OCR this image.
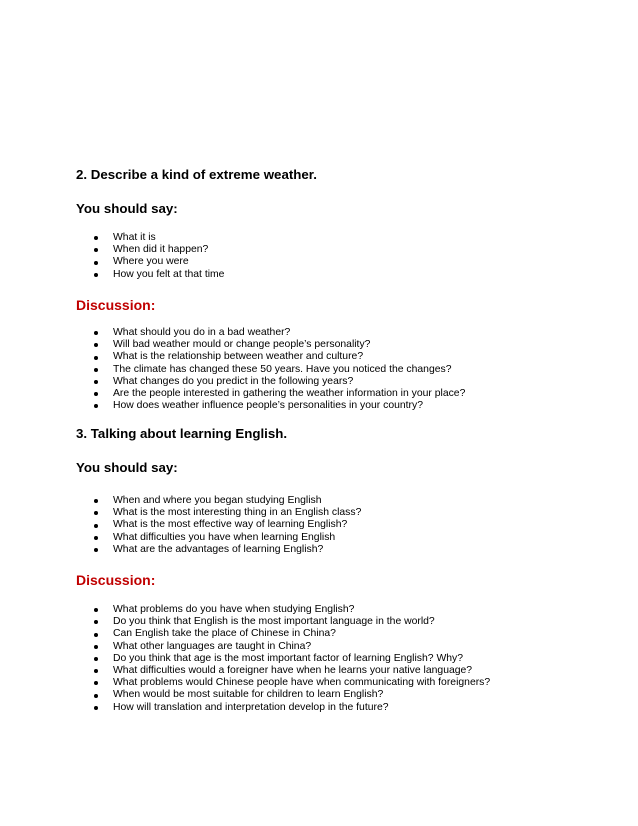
2. Describe a kind of extreme weather.
You should say:
What it is
When did it happen?
Where you were
How you felt at that time
Discussion:
What should you do in a bad weather?
Will bad weather mould or change people’s personality?
What is the relationship between weather and culture?
The climate has changed these 50 years. Have you noticed the changes?
What changes do you predict in the following years?
Are the people interested in gathering the weather information in your place?
How does weather influence people’s personalities in your country?
3. Talking about learning English.
You should say:
When and where you began studying English
What is the most interesting thing in an English class?
What is the most effective way of learning English?
What difficulties you have when learning English
What are the advantages of learning English?
Discussion:
What problems do you have when studying English?
Do you think that English is the most important language in the world?
Can English take the place of Chinese in China?
What other languages are taught in China?
Do you think that age is the most important factor of learning English? Why?
What difficulties would a foreigner have when he learns your native language?
What problems would Chinese people have when communicating with foreigners?
When would be most suitable for children to learn English?
How will translation and interpretation develop in the future?
